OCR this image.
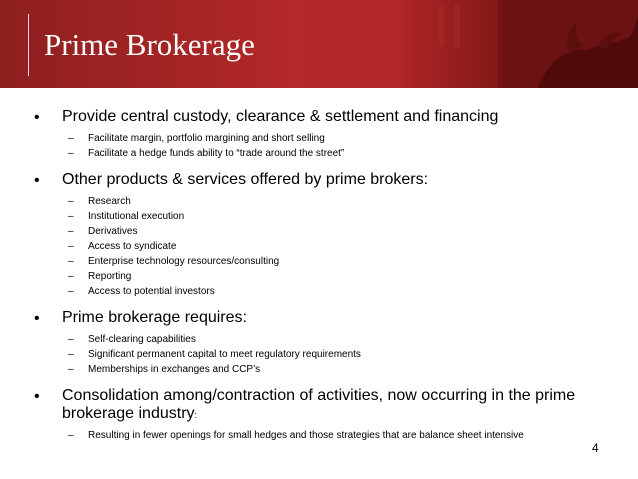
Prime Brokerage
•	Provide central custody, clearance & settlement and financing
–	Facilitate margin, portfolio margining and short selling
–	Facilitate a hedge funds ability to “trade around the street”
•	Other products & services offered by prime brokers:
–	Research
–	Institutional execution
–	Derivatives
–	Access to syndicate
–	Enterprise technology resources/consulting
–	Reporting
–	Access to potential investors
•	Prime brokerage requires:
–	Self-clearing capabilities
–	Significant permanent capital to meet regulatory requirements
–	Memberships in exchanges and CCP’s
•	Consolidation among/contraction of activities, now occurring in the prime brokerage industry:
–	Resulting in fewer openings for small hedges and those strategies that are balance sheet intensive
4
